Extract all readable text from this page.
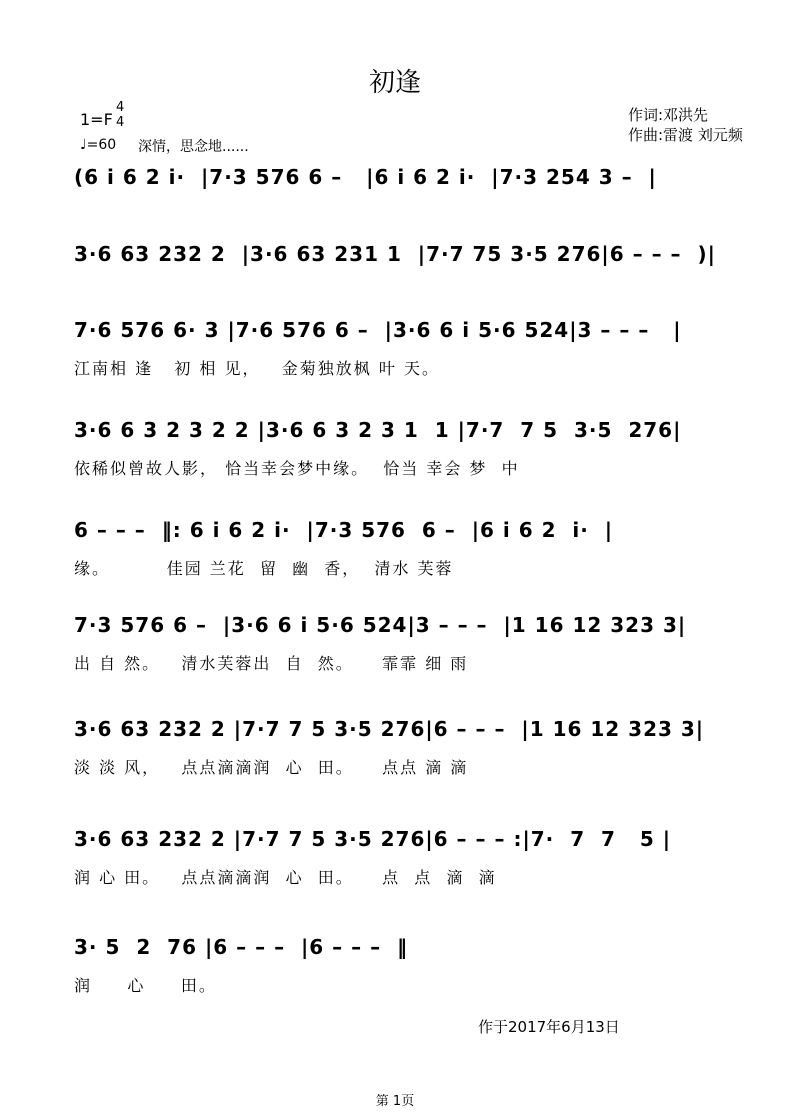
初逢
作词:邓洪先
作曲:雷渡 刘元频
1=F
4
4
♩=60 深情，思念地......
(6 i 6 2 i·  |7·3 576 6 –   |6 i 6 2 i·  |7·3 254 3 –  |
3·6 63 232 2  |3·6 63 231 1  |7·7 75 3·5 276|6 – – –  )|
7·6 576 6· 3 |7·6 576 6 –  |3·6 6 i 5·6 524|3 – – –   |
江南相 逢   初 相 见，   金菊独放枫 叶 天。
3·6 6 3 2 3 2 2 |3·6 6 3 2 3 1  1 |7·7  7 5  3·5  276|
依稀似曾故人影， 恰当幸会梦中缘。  恰当 幸会 梦  中
6 – – –  ‖: 6 i 6 2 i·  |7·3 576  6 –  |6 i 6 2  i·  |
缘。        佳园 兰花  留  幽  香，  清水 芙蓉
7·3 576 6 –  |3·6 6 i 5·6 524|3 – – –  |1 16 12 323 3|
出 自 然。   清水芙蓉出  自  然。    霏霏 细 雨
3·6 63 232 2 |7·7 7 5 3·5 276|6 – – –  |1 16 12 323 3|
淡 淡 风，   点点滴滴润  心  田。    点点 滴 滴
3·6 63 232 2 |7·7 7 5 3·5 276|6 – – – :|7·  7  7   5 |
润 心 田。   点点滴滴润  心  田。    点  点  滴  滴
3· 5  2  76 |6 – – –  |6 – – –  ‖
润     心     田。
作于2017年6月13日
第 1页
